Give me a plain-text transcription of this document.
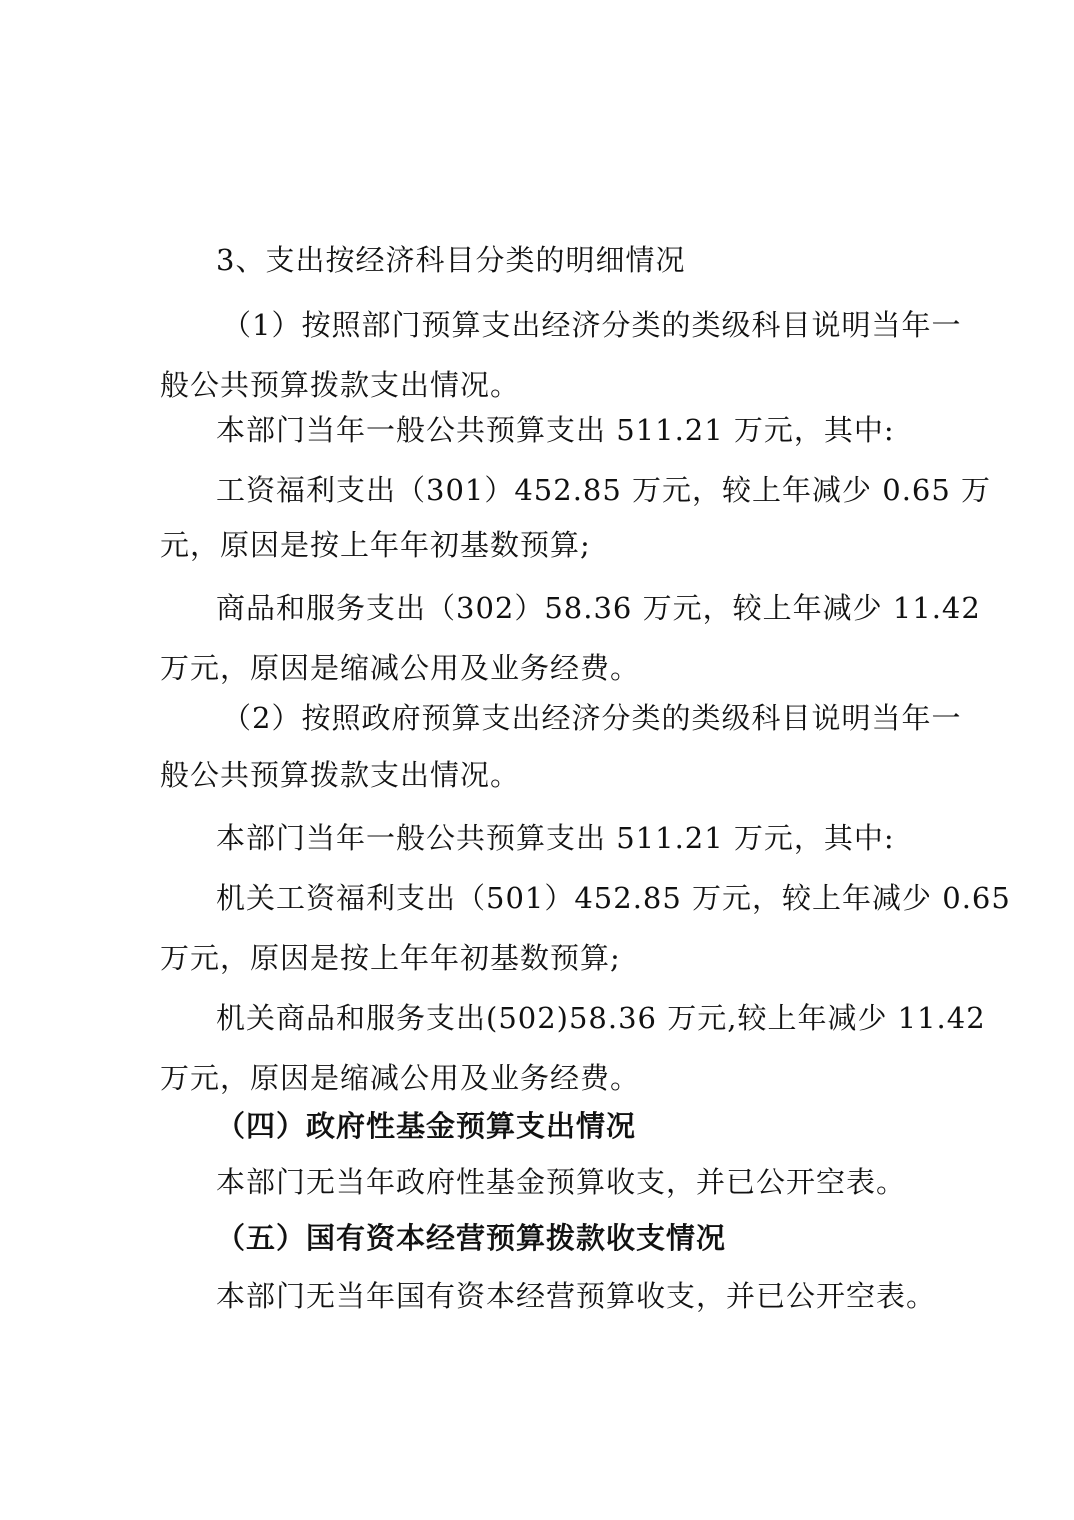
3、支出按经济科目分类的明细情况
（1）按照部门预算支出经济分类的类级科目说明当年一
般公共预算拨款支出情况。
本部门当年一般公共预算支出 511.21 万元，其中:
工资福利支出（301）452.85 万元，较上年减少 0.65 万
元，原因是按上年年初基数预算;
商品和服务支出（302）58.36 万元，较上年减少 11.42
万元，原因是缩减公用及业务经费。
（2）按照政府预算支出经济分类的类级科目说明当年一
般公共预算拨款支出情况。
本部门当年一般公共预算支出 511.21 万元，其中:
机关工资福利支出（501）452.85 万元，较上年减少 0.65
万元，原因是按上年年初基数预算;
机关商品和服务支出(502)58.36 万元,较上年减少 11.42
万元，原因是缩减公用及业务经费。
（四）政府性基金预算支出情况
本部门无当年政府性基金预算收支，并已公开空表。
（五）国有资本经营预算拨款收支情况
本部门无当年国有资本经营预算收支，并已公开空表。
